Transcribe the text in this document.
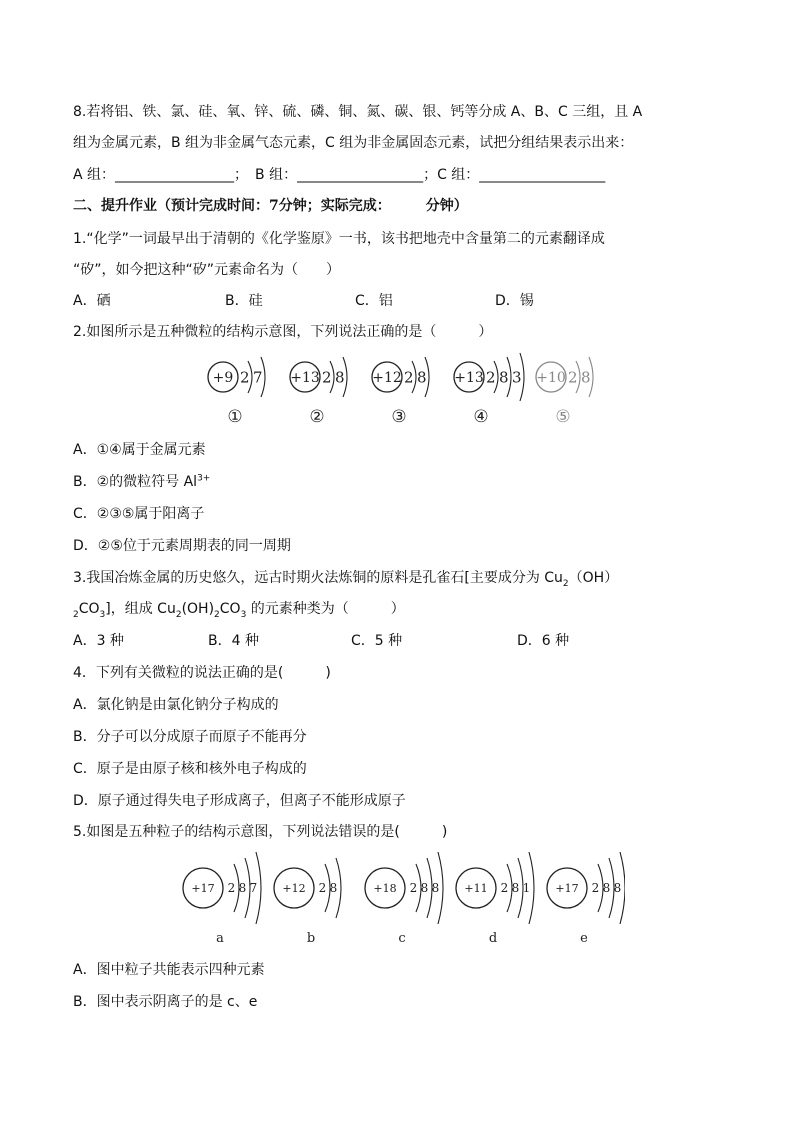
8.若将铝、铁、氯、硅、氧、锌、硫、磷、铜、氮、碳、银、钙等分成 A、B、C 三组，且 A
组为金属元素，B 组为非金属气态元素，C 组为非金属固态元素，试把分组结果表示出来：
A 组：_________________；　B 组：__________________；C 组：__________________
二、提升作业（预计完成时间：7分钟；实际完成：　　　分钟）
1.“化学”一词最早出于清朝的《化学鉴原》一书，该书把地壳中含量第二的元素翻译成
“矽”，如今把这种“矽”元素命名为（　　）
A．硒	B．硅	C．铝	D．锡
2.如图所示是五种微粒的结构示意图，下列说法正确的是（　　　）
+9 2 7
①
+13 2 8
②
+12 2 8
③
+13 2 8 3
④
+10 2 8
⑤
A．①④属于金属元素
B．②的微粒符号 $Al^{3+}$
C．②③⑤属于阳离子
D．②⑤位于元素周期表的同一周期
3.我国冶炼金属的历史悠久，远古时期火法炼铜的原料是孔雀石[主要成分为 $Cu_2(OH)$
$_2CO_3$]，组成 $Cu_2(OH)_2CO_3$ 的元素种类为（　　　）
A．3 种	B．4 种	C．5 种	D．6 种
4．下列有关微粒的说法正确的是(　　　)
A．氯化钠是由氯化钠分子构成的
B．分子可以分成原子而原子不能再分
C．原子是由原子核和核外电子构成的
D．原子通过得失电子形成离子，但离子不能形成原子
5.如图是五种粒子的结构示意图，下列说法错误的是(　　　)
+17 2 8 7
a
+12 2 8
b
+18 2 8 8
c
+11 2 8 1
d
+17 2 8 8
e
A．图中粒子共能表示四种元素
B．图中表示阴离子的是 c、e
